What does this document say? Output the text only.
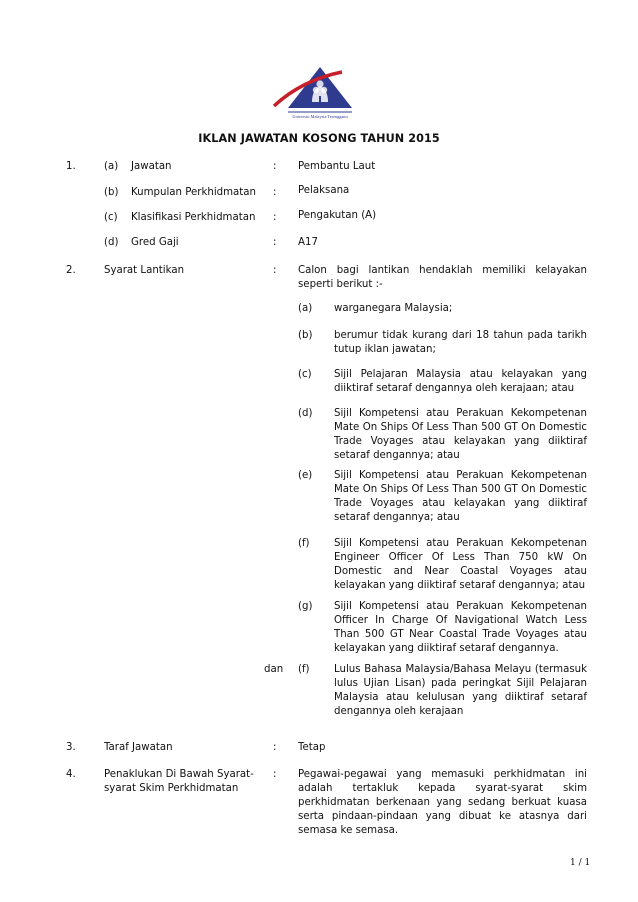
Universiti Malaysia Terengganu
IKLAN JAWATAN KOSONG TAHUN 2015
1.	(a) Jawatan	: Pembantu Laut
(b) Kumpulan Perkhidmatan : Pelaksana
(c) Klasifikasi Perkhidmatan : Pengakutan (A)
(d) Gred Gaji	: A17
2.	Syarat Lantikan	: Calon bagi lantikan hendaklah memiliki kelayakan seperti berikut :-
(a) warganegara Malaysia;
(b) berumur tidak kurang dari 18 tahun pada tarikh tutup iklan jawatan;
(c) Sijil Pelajaran Malaysia atau kelayakan yang diiktiraf setaraf dengannya oleh kerajaan; atau
(d) Sijil Kompetensi atau Perakuan Kekompetenan Mate On Ships Of Less Than 500 GT On Domestic Trade Voyages atau kelayakan yang diiktiraf setaraf dengannya; atau
(e) Sijil Kompetensi atau Perakuan Kekompetenan Mate On Ships Of Less Than 500 GT On Domestic Trade Voyages atau kelayakan yang diiktiraf setaraf dengannya; atau
(f) Sijil Kompetensi atau Perakuan Kekompetenan Engineer Officer Of Less Than 750 kW On Domestic and Near Coastal Voyages atau kelayakan yang diiktiraf setaraf dengannya; atau
(g) Sijil Kompetensi atau Perakuan Kekompetenan Officer In Charge Of Navigational Watch Less Than 500 GT Near Coastal Trade Voyages atau kelayakan yang diiktiraf setaraf dengannya.
dan (f) Lulus Bahasa Malaysia/Bahasa Melayu (termasuk lulus Ujian Lisan) pada peringkat Sijil Pelajaran Malaysia atau kelulusan yang diiktiraf setaraf dengannya oleh kerajaan
3.	Taraf Jawatan	: Tetap
4.	Penaklukan Di Bawah Syarat-
syarat Skim Perkhidmatan
: Pegawai-pegawai yang memasuki perkhidmatan ini adalah tertakluk kepada syarat-syarat skim perkhidmatan berkenaan yang sedang berkuat kuasa serta pindaan-pindaan yang dibuat ke atasnya dari semasa ke semasa.
1 / 1
